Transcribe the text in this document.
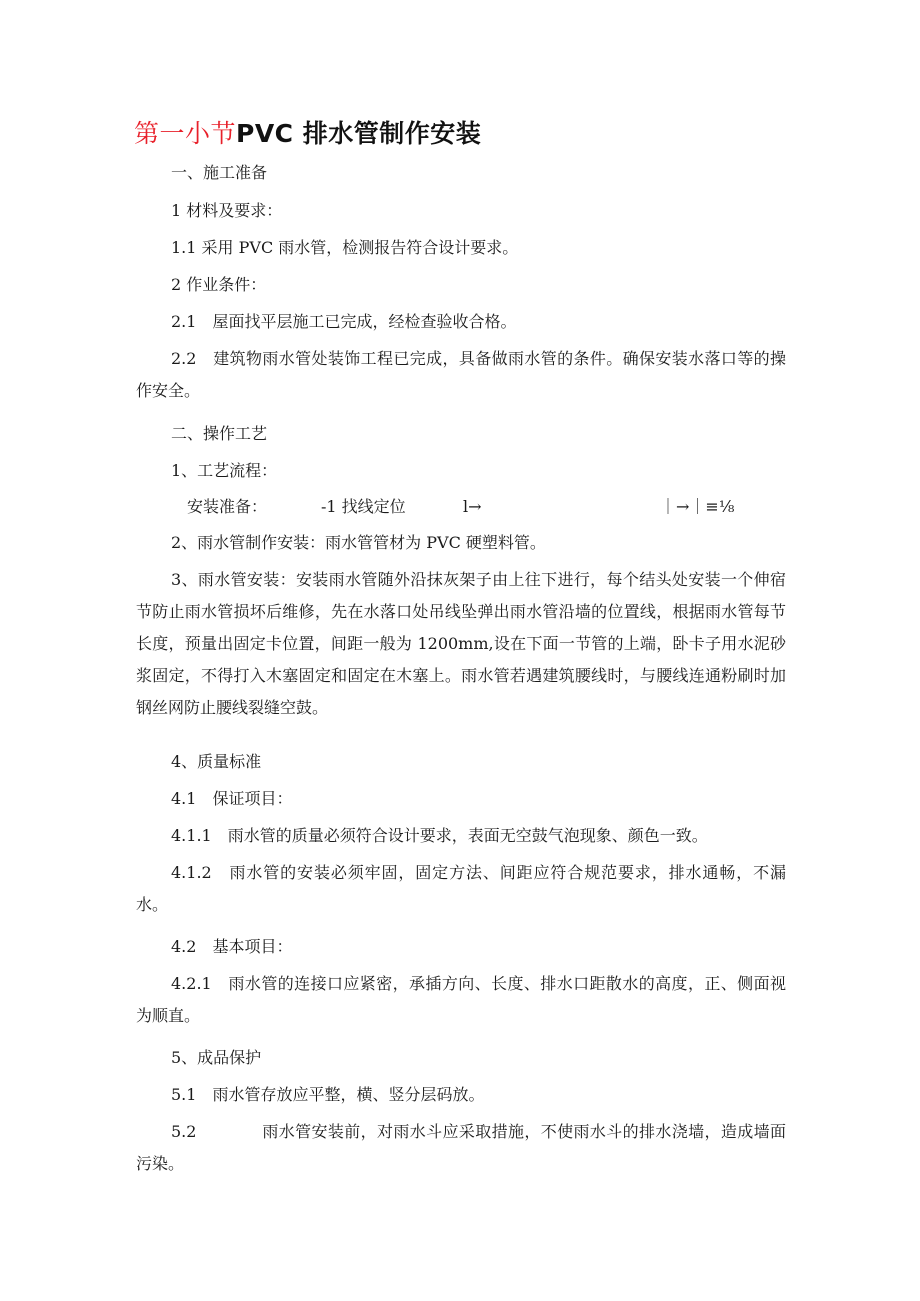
第一小节PVC 排水管制作安装
一、施工准备
1 材料及要求：
1.1 采用 PVC 雨水管，检测报告符合设计要求。
2 作业条件：
2.1　屋面找平层施工已完成，经检查验收合格。
2.2　建筑物雨水管处装饰工程已完成，具备做雨水管的条件。确保安装水落口等的操作安全。
二、操作工艺
1、工艺流程：
安装准备：	-1 找线定位	l→	｜→｜≡⅛
2、雨水管制作安装：雨水管管材为 PVC 硬塑料管。
3、雨水管安装：安装雨水管随外沿抹灰架子由上往下进行，每个结头处安装一个伸宿节防止雨水管损坏后维修，先在水落口处吊线坠弹出雨水管沿墙的位置线，根据雨水管每节长度，预量出固定卡位置，间距一般为 1200mm,设在下面一节管的上端，卧卡子用水泥砂浆固定，不得打入木塞固定和固定在木塞上。雨水管若遇建筑腰线时，与腰线连通粉刷时加钢丝网防止腰线裂缝空鼓。
4、质量标准
4.1　保证项目：
4.1.1　雨水管的质量必须符合设计要求，表面无空鼓气泡现象、颜色一致。
4.1.2　雨水管的安装必须牢固，固定方法、间距应符合规范要求，排水通畅，不漏水。
4.2　基本项目：
4.2.1　雨水管的连接口应紧密，承插方向、长度、排水口距散水的高度，正、侧面视为顺直。
5、成品保护
5.1　雨水管存放应平整，横、竖分层码放。
5.2　　　　雨水管安装前，对雨水斗应采取措施，不使雨水斗的排水浇墙，造成墙面污染。
